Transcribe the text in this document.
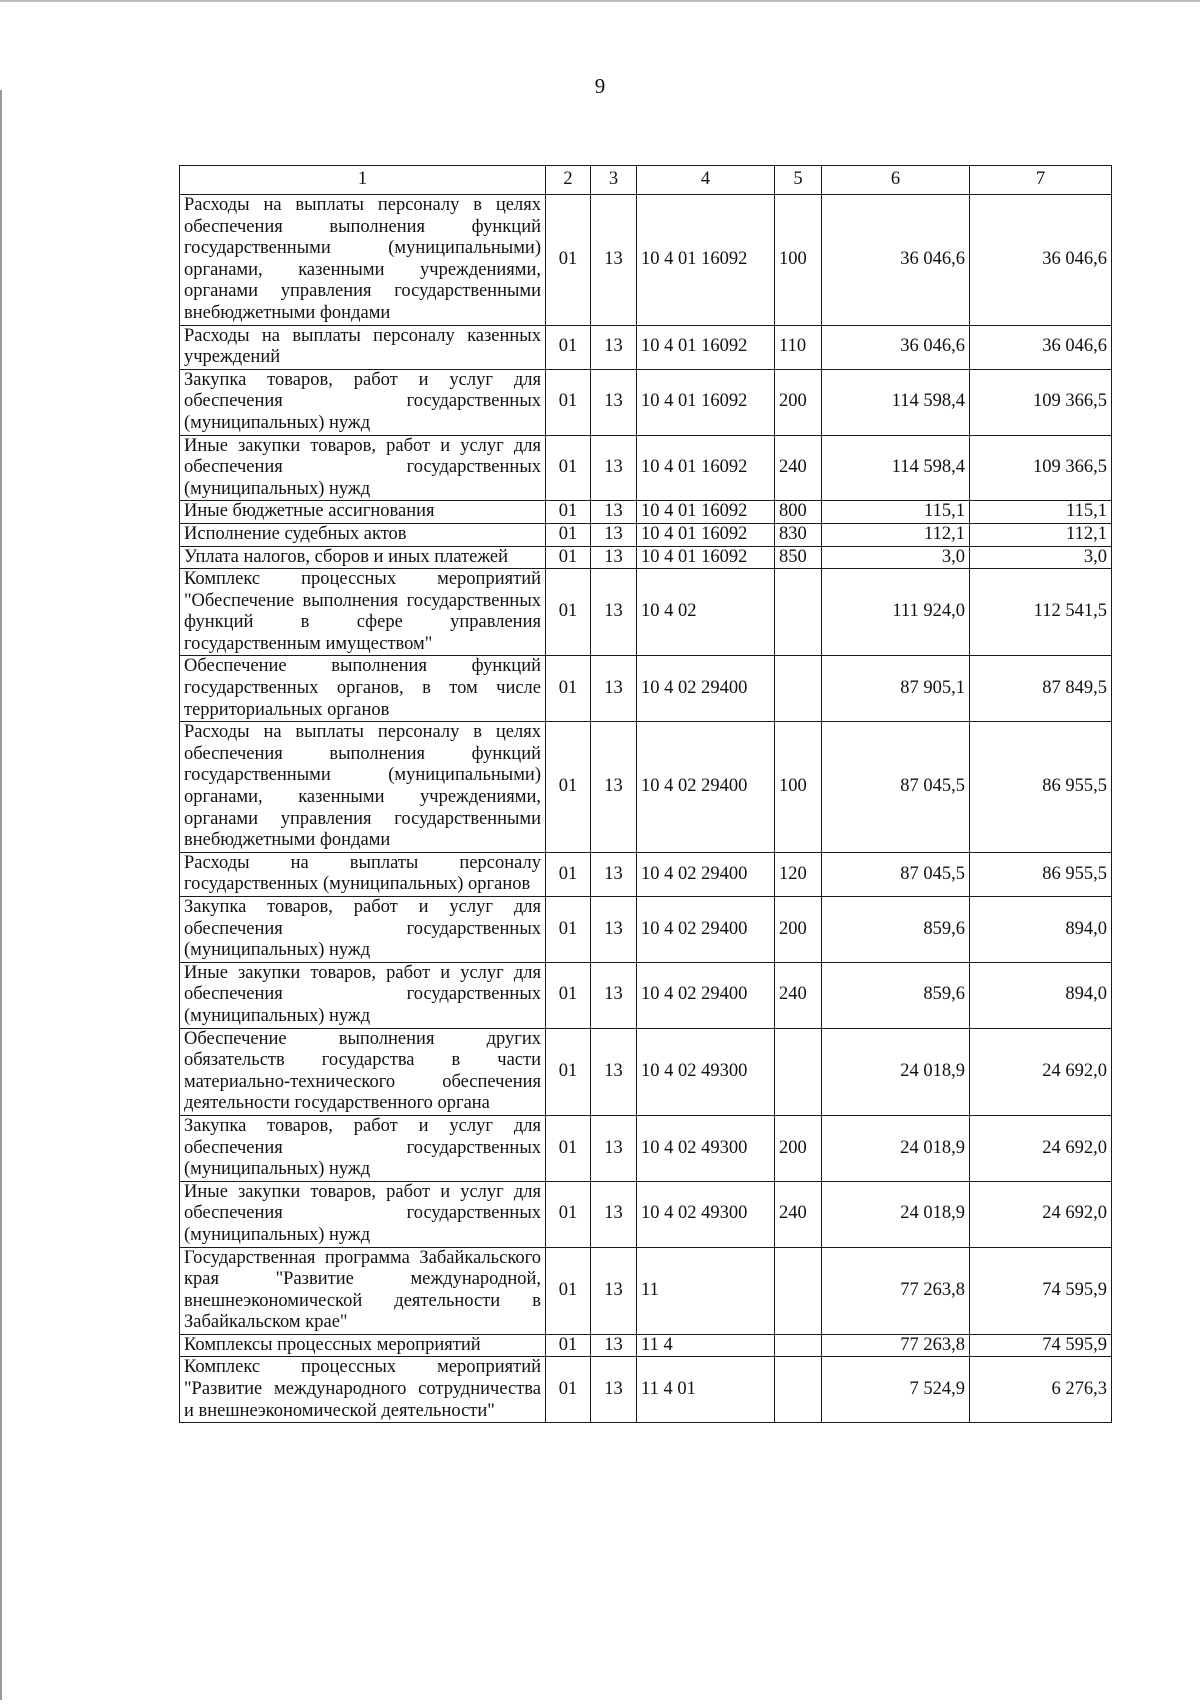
9
1	2	3	4	5	6	7
Расходы на выплаты персоналу в целях обеспечения выполнения функций государственными (муниципальными) органами, казенными учреждениями, органами управления государственными внебюджетными фондами	01	13	10 4 01 16092	100	36 046,6	36 046,6
Расходы на выплаты персоналу казенных учреждений	01	13	10 4 01 16092	110	36 046,6	36 046,6
Закупка товаров, работ и услуг для обеспечения государственных (муниципальных) нужд	01	13	10 4 01 16092	200	114 598,4	109 366,5
Иные закупки товаров, работ и услуг для обеспечения государственных (муниципальных) нужд	01	13	10 4 01 16092	240	114 598,4	109 366,5
Иные бюджетные ассигнования	01	13	10 4 01 16092	800	115,1	115,1
Исполнение судебных актов	01	13	10 4 01 16092	830	112,1	112,1
Уплата налогов, сборов и иных платежей	01	13	10 4 01 16092	850	3,0	3,0
Комплекс процессных мероприятий "Обеспечение выполнения государственных функций в сфере управления государственным имуществом"	01	13	10 4 02		111 924,0	112 541,5
Обеспечение выполнения функций государственных органов, в том числе территориальных органов	01	13	10 4 02 29400		87 905,1	87 849,5
Расходы на выплаты персоналу в целях обеспечения выполнения функций государственными (муниципальными) органами, казенными учреждениями, органами управления государственными внебюджетными фондами	01	13	10 4 02 29400	100	87 045,5	86 955,5
Расходы на выплаты персоналу государственных (муниципальных) органов	01	13	10 4 02 29400	120	87 045,5	86 955,5
Закупка товаров, работ и услуг для обеспечения государственных (муниципальных) нужд	01	13	10 4 02 29400	200	859,6	894,0
Иные закупки товаров, работ и услуг для обеспечения государственных (муниципальных) нужд	01	13	10 4 02 29400	240	859,6	894,0
Обеспечение выполнения других обязательств государства в части материально-технического обеспечения деятельности государственного органа	01	13	10 4 02 49300		24 018,9	24 692,0
Закупка товаров, работ и услуг для обеспечения государственных (муниципальных) нужд	01	13	10 4 02 49300	200	24 018,9	24 692,0
Иные закупки товаров, работ и услуг для обеспечения государственных (муниципальных) нужд	01	13	10 4 02 49300	240	24 018,9	24 692,0
Государственная программа Забайкальского края "Развитие международной, внешнеэкономической деятельности в Забайкальском крае"	01	13	11		77 263,8	74 595,9
Комплексы процессных мероприятий	01	13	11 4		77 263,8	74 595,9
Комплекс процессных мероприятий "Развитие международного сотрудничества и внешнеэкономической деятельности"	01	13	11 4 01		7 524,9	6 276,3
